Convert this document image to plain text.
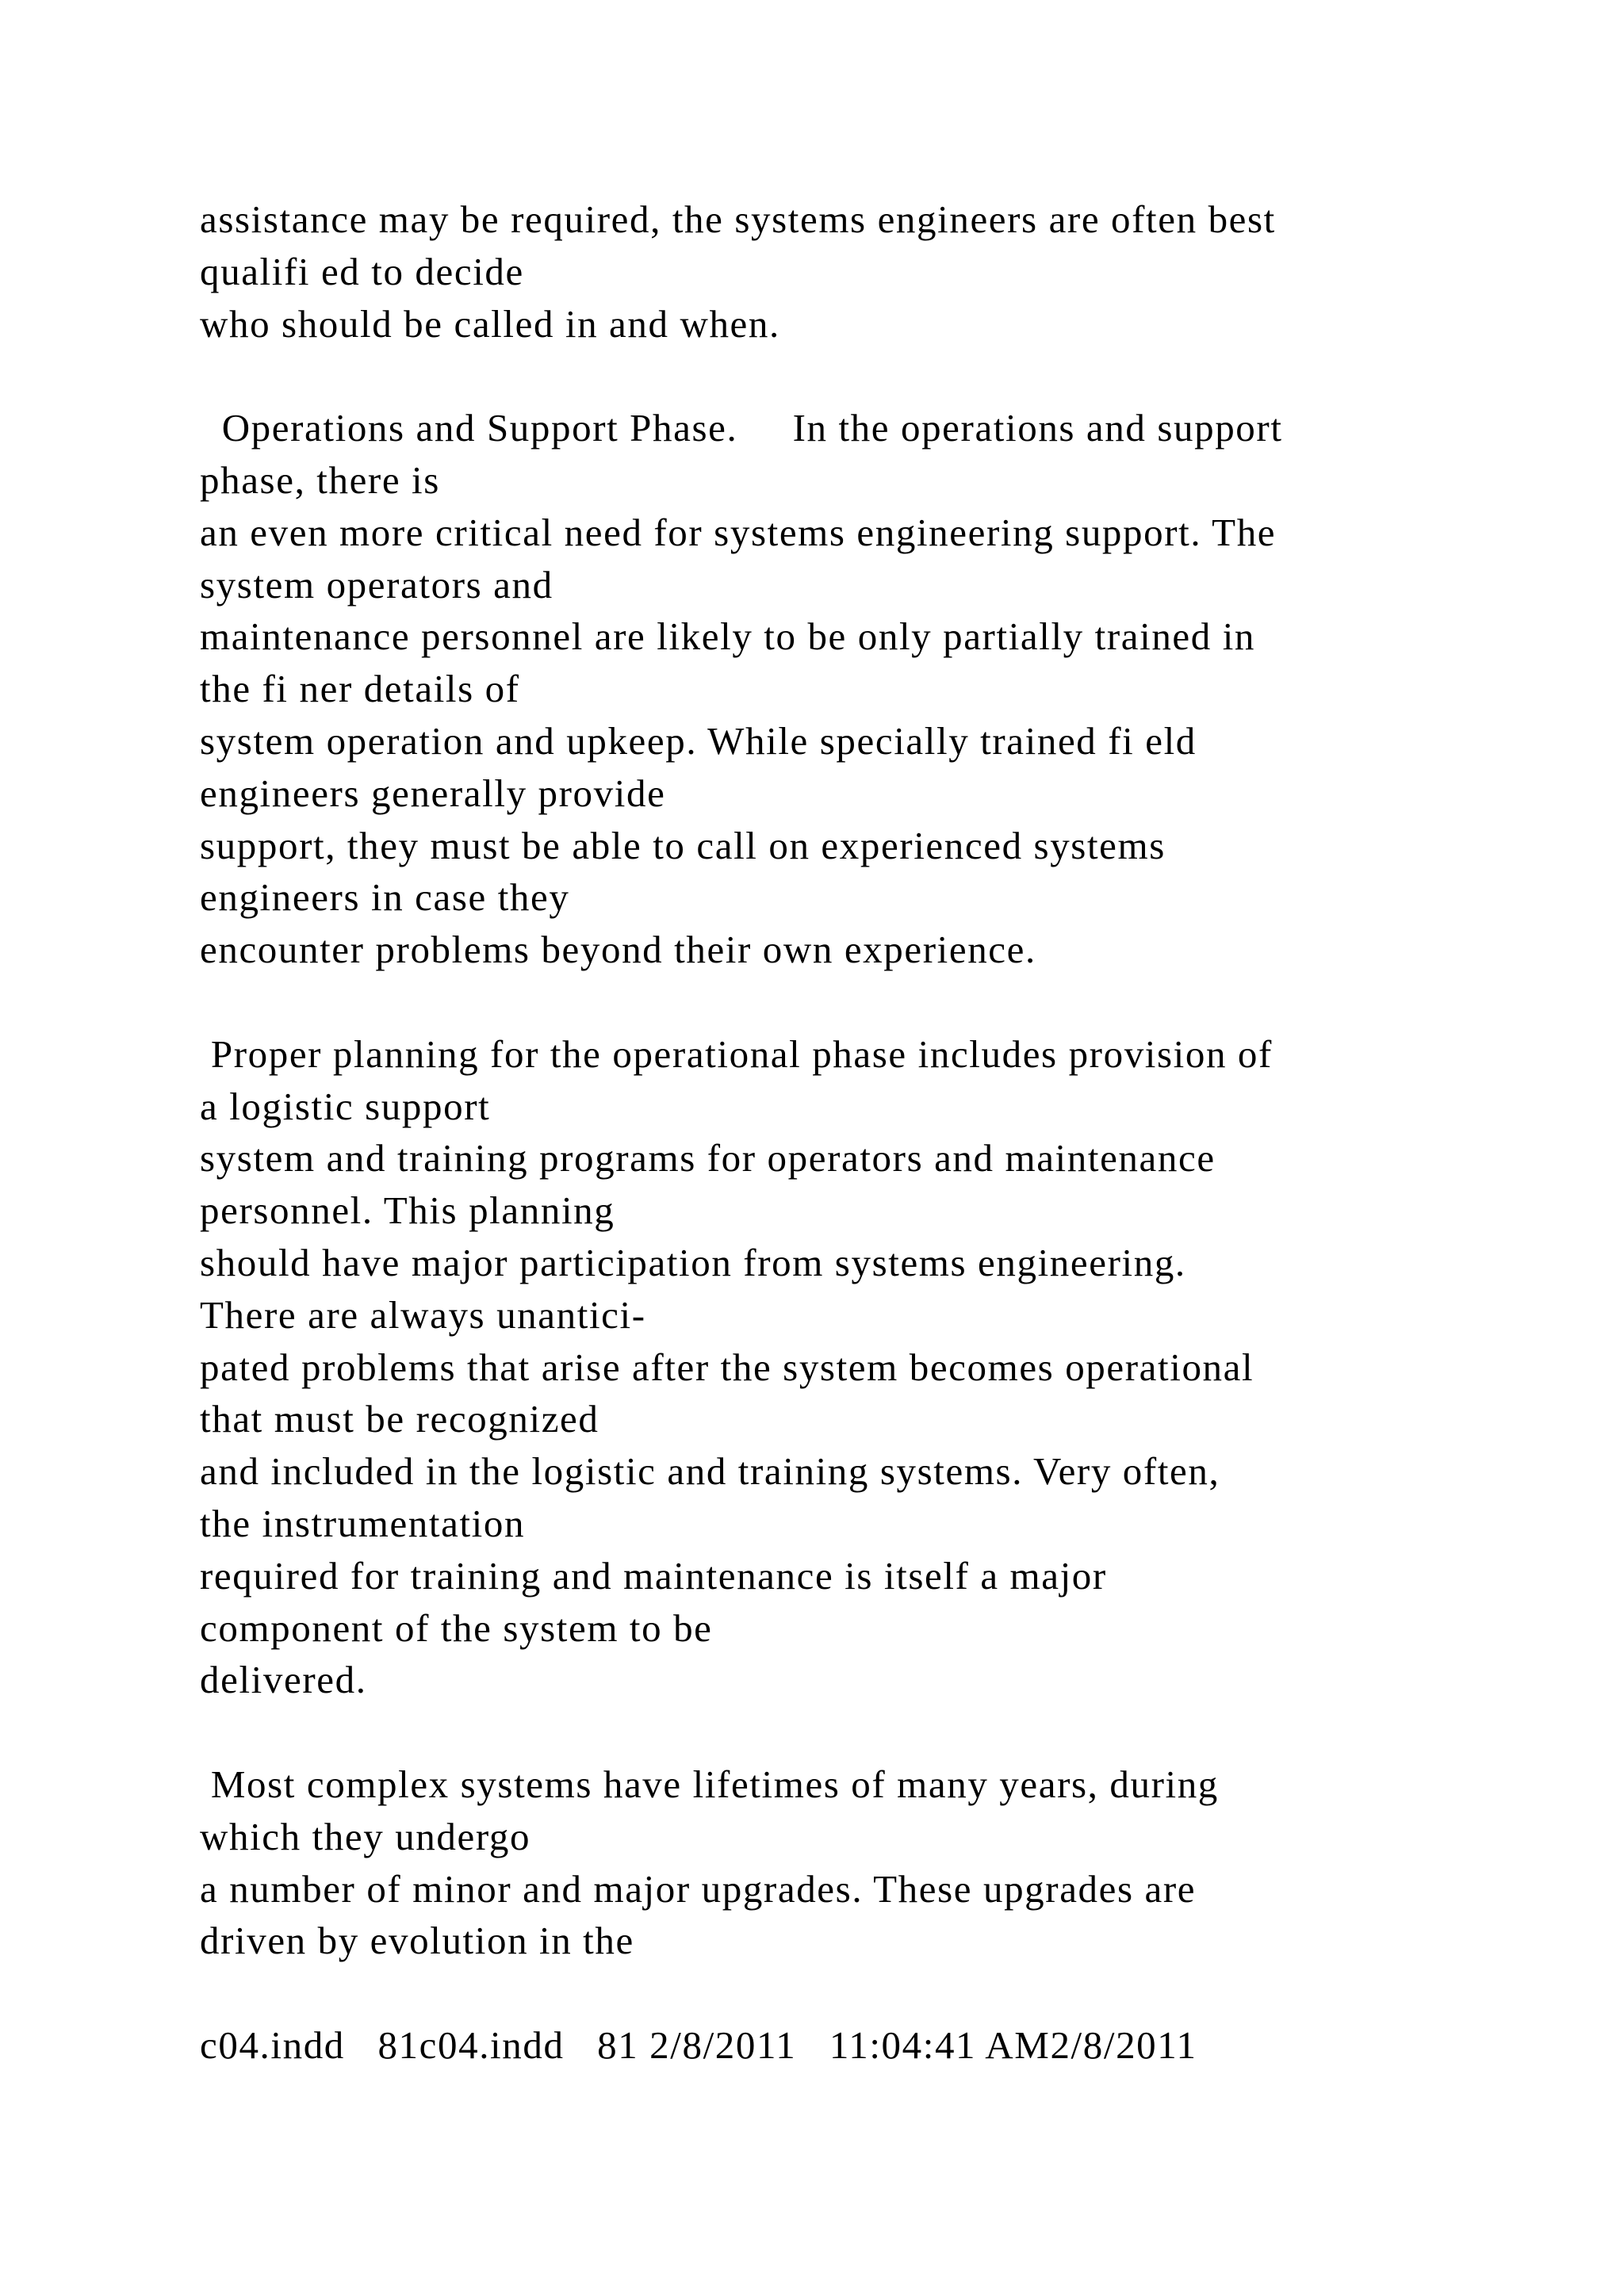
assistance may be required, the systems engineers are often best
qualifi ed to decide
who should be called in and when.
Operations and Support Phase.     In the operations and support
phase, there is
an even more critical need for systems engineering support. The
system operators and
maintenance personnel are likely to be only partially trained in
the fi ner details of
system operation and upkeep. While specially trained fi eld
engineers generally provide
support, they must be able to call on experienced systems
engineers in case they
encounter problems beyond their own experience.
Proper planning for the operational phase includes provision of
a logistic support
system and training programs for operators and maintenance
personnel. This planning
should have major participation from systems engineering.
There are always unantici-
pated problems that arise after the system becomes operational
that must be recognized
and included in the logistic and training systems. Very often,
the instrumentation
required for training and maintenance is itself a major
component of the system to be
delivered.
Most complex systems have lifetimes of many years, during
which they undergo
a number of minor and major upgrades. These upgrades are
driven by evolution in the
c04.indd   81c04.indd   81 2/8/2011   11:04:41 AM2/8/2011
